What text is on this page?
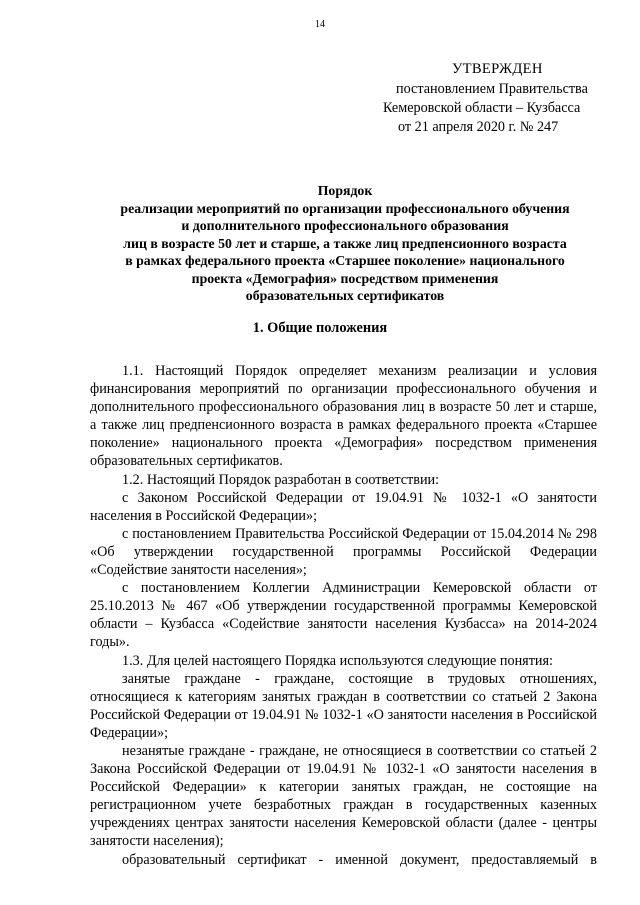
14
УТВЕРЖДЕН
постановлением Правительства
Кемеровской области – Кузбасса
от 21 апреля 2020 г. № 247
Порядок
реализации мероприятий по организации профессионального обучения
и дополнительного профессионального образования
лиц в возрасте 50 лет и старше, а также лиц предпенсионного возраста
в рамках федерального проекта «Старшее поколение» национального
проекта «Демография» посредством применения
образовательных сертификатов
1. Общие положения

1.1. Настоящий Порядок определяет механизм реализации и условия финансирования мероприятий по организации профессионального обучения и дополнительного профессионального образования лиц в возрасте 50 лет и старше, а также лиц предпенсионного возраста в рамках федерального проекта «Старшее поколение» национального проекта «Демография» посредством применения образовательных сертификатов.

1.2. Настоящий Порядок разработан в соответствии:

с Законом Российской Федерации от 19.04.91 № 1032-1 «О занятости населения в Российской Федерации»;

с постановлением Правительства Российской Федерации от 15.04.2014 № 298 «Об утверждении государственной программы Российской Федерации «Содействие занятости населения»;

с постановлением Коллегии Администрации Кемеровской области от 25.10.2013 № 467 «Об утверждении государственной программы Кемеровской области – Кузбасса «Содействие занятости населения Кузбасса» на 2014-2024 годы».

1.3. Для целей настоящего Порядка используются следующие понятия:

занятые граждане - граждане, состоящие в трудовых отношениях, относящиеся к категориям занятых граждан в соответствии со статьей 2 Закона Российской Федерации от 19.04.91 № 1032-1 «О занятости населения в Российской Федерации»;

незанятые граждане - граждане, не относящиеся в соответствии со статьей 2 Закона Российской Федерации от 19.04.91 № 1032-1 «О занятости населения в Российской Федерации» к категории занятых граждан, не состоящие на регистрационном учете безработных граждан в государственных казенных учреждениях центрах занятости населения Кемеровской области (далее - центры занятости населения);

образовательный сертификат - именной документ, предоставляемый в
